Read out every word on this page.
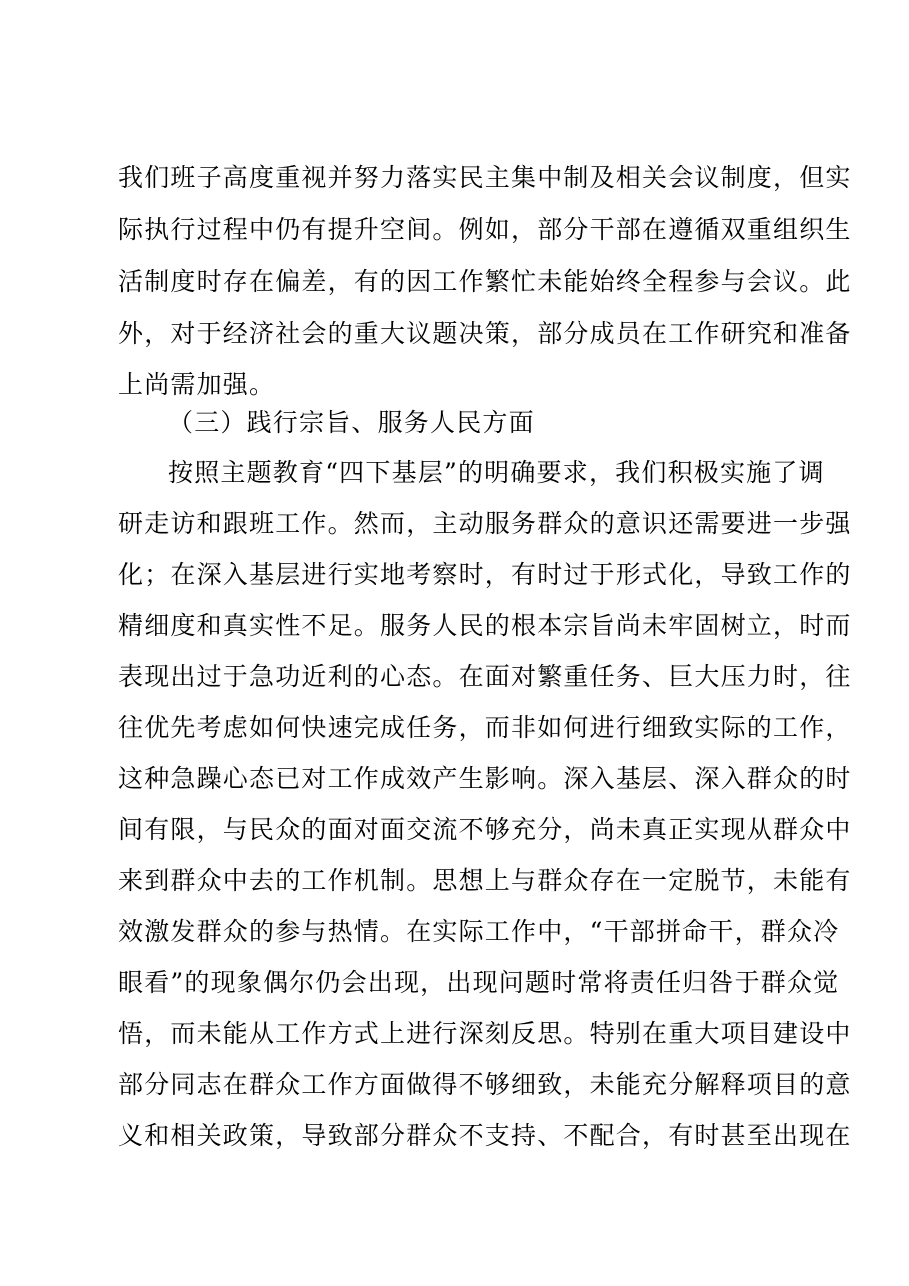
我们班子高度重视并努力落实民主集中制及相关会议制度，但实
际执行过程中仍有提升空间。例如，部分干部在遵循双重组织生
活制度时存在偏差，有的因工作繁忙未能始终全程参与会议。此
外，对于经济社会的重大议题决策，部分成员在工作研究和准备
上尚需加强。
（三）践行宗旨、服务人民方面
按照主题教育“四下基层”的明确要求，我们积极实施了调
研走访和跟班工作。然而，主动服务群众的意识还需要进一步强
化；在深入基层进行实地考察时，有时过于形式化，导致工作的
精细度和真实性不足。服务人民的根本宗旨尚未牢固树立，时而
表现出过于急功近利的心态。在面对繁重任务、巨大压力时，往
往优先考虑如何快速完成任务，而非如何进行细致实际的工作，
这种急躁心态已对工作成效产生影响。深入基层、深入群众的时
间有限，与民众的面对面交流不够充分，尚未真正实现从群众中
来到群众中去的工作机制。思想上与群众存在一定脱节，未能有
效激发群众的参与热情。在实际工作中，“干部拼命干，群众冷
眼看”的现象偶尔仍会出现，出现问题时常将责任归咎于群众觉
悟，而未能从工作方式上进行深刻反思。特别在重大项目建设中
部分同志在群众工作方面做得不够细致，未能充分解释项目的意
义和相关政策，导致部分群众不支持、不配合，有时甚至出现在
